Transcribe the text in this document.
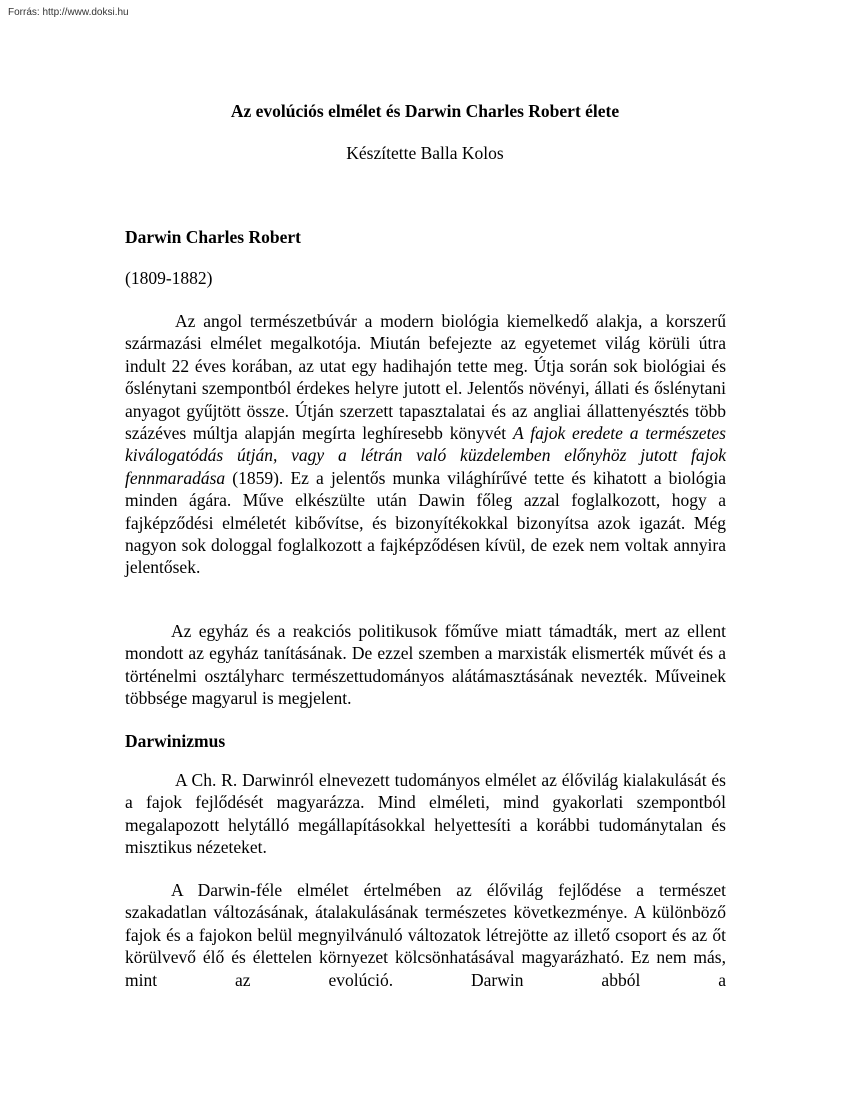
Forrás: http://www.doksi.hu
Az evolúciós elmélet és Darwin Charles Robert élete
Készítette Balla Kolos
Darwin Charles Robert
(1809-1882)
Az angol természetbúvár a modern biológia kiemelkedő alakja, a korszerű származási elmélet megalkotója. Miután befejezte az egyetemet világ körüli útra indult 22 éves korában, az utat egy hadihajón tette meg. Útja során sok biológiai és őslénytani szempontból érdekes helyre jutott el. Jelentős növényi, állati és őslénytani anyagot gyűjtött össze. Útján szerzett tapasztalatai és az angliai állattenyésztés több százéves múltja alapján megírta leghíresebb könyvét A fajok eredete a természetes kiválogatódás útján, vagy a létrán való küzdelemben előnyhöz jutott fajok fennmaradása (1859). Ez a jelentős munka világhírűvé tette és kihatott a biológia minden ágára. Műve elkészülte után Dawin főleg azzal foglalkozott, hogy a fajképződési elméletét kibővítse, és bizonyítékokkal bizonyítsa azok igazát. Még nagyon sok dologgal foglalkozott a fajképződésen kívül, de ezek nem voltak annyira jelentősek.
Az egyház és a reakciós politikusok főműve miatt támadták, mert az ellent mondott az egyház tanításának. De ezzel szemben a marxisták elismerték művét és a történelmi osztályharc természettudományos alátámasztásának nevezték. Műveinek többsége magyarul is megjelent.
Darwinizmus
A Ch. R. Darwinról elnevezett tudományos elmélet az élővilág kialakulását és a fajok fejlődését magyarázza. Mind elméleti, mind gyakorlati szempontból megalapozott helytálló megállapításokkal helyettesíti a korábbi tudománytalan és misztikus nézeteket.
A Darwin-féle elmélet értelmében az élővilág fejlődése a természet szakadatlan változásának, átalakulásának természetes következménye. A különböző fajok és a fajokon belül megnyilvánuló változatok létrejötte az illető csoport és az őt körülvevő élő és élettelen környezet kölcsönhatásával magyarázható. Ez nem más, mint az evolúció. Darwin abból a
